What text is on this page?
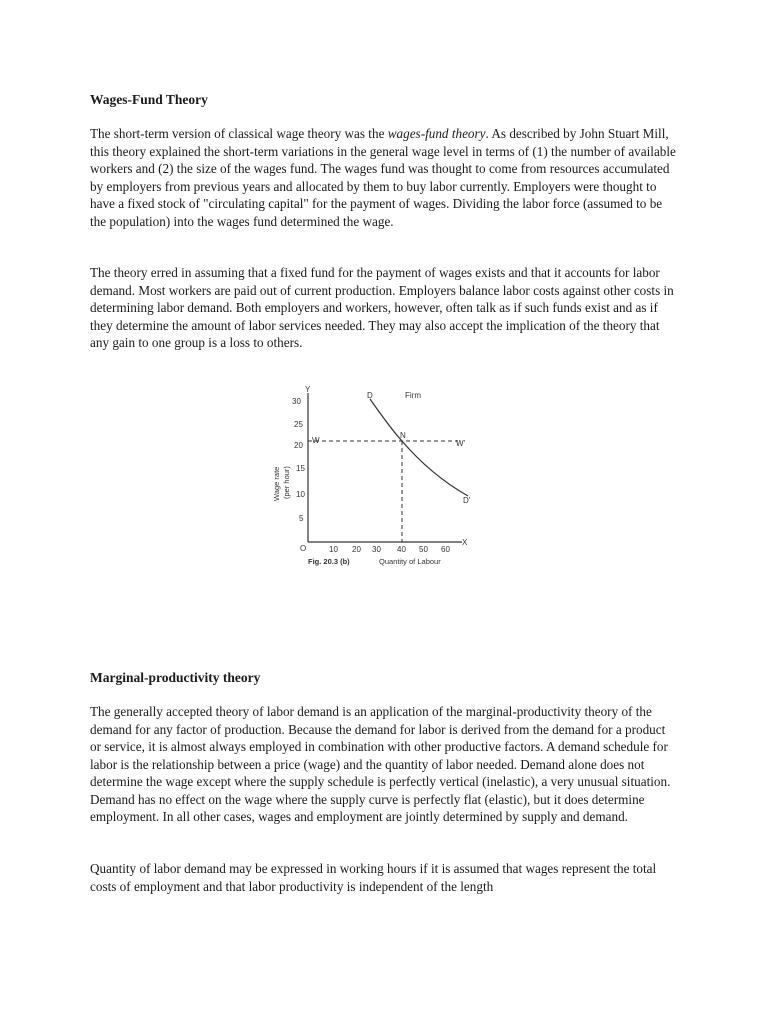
Wages-Fund Theory

The short-term version of classical wage theory was the wages-fund theory. As described by John Stuart Mill, this theory explained the short-term variations in the general wage level in terms of (1) the number of available workers and (2) the size of the wages fund. The wages fund was thought to come from resources accumulated by employers from previous years and allocated by them to buy labor currently. Employers were thought to have a fixed stock of "circulating capital" for the payment of wages. Dividing the labor force (assumed to be the population) into the wages fund determined the wage.

The theory erred in assuming that a fixed fund for the payment of wages exists and that it accounts for labor demand. Most workers are paid out of current production. Employers balance labor costs against other costs in determining labor demand. Both employers and workers, however, often talk as if such funds exist and as if they determine the amount of labor services needed. They may also accept the implication of the theory that any gain to one group is a loss to others.

Y
X
O
30
25
20
15
10
5
Wage rate (per hour)
10 20 30 40 50 60
W	W'
N
D
D'
Firm
Fig. 20.3 (b)	Quantity of Labour
Marginal-productivity theory

The generally accepted theory of labor demand is an application of the marginal-productivity theory of the demand for any factor of production. Because the demand for labor is derived from the demand for a product or service, it is almost always employed in combination with other productive factors. A demand schedule for labor is the relationship between a price (wage) and the quantity of labor needed. Demand alone does not determine the wage except where the supply schedule is perfectly vertical (inelastic), a very unusual situation. Demand has no effect on the wage where the supply curve is perfectly flat (elastic), but it does determine employment. In all other cases, wages and employment are jointly determined by supply and demand.

Quantity of labor demand may be expressed in working hours if it is assumed that wages represent the total costs of employment and that labor productivity is independent of the length
